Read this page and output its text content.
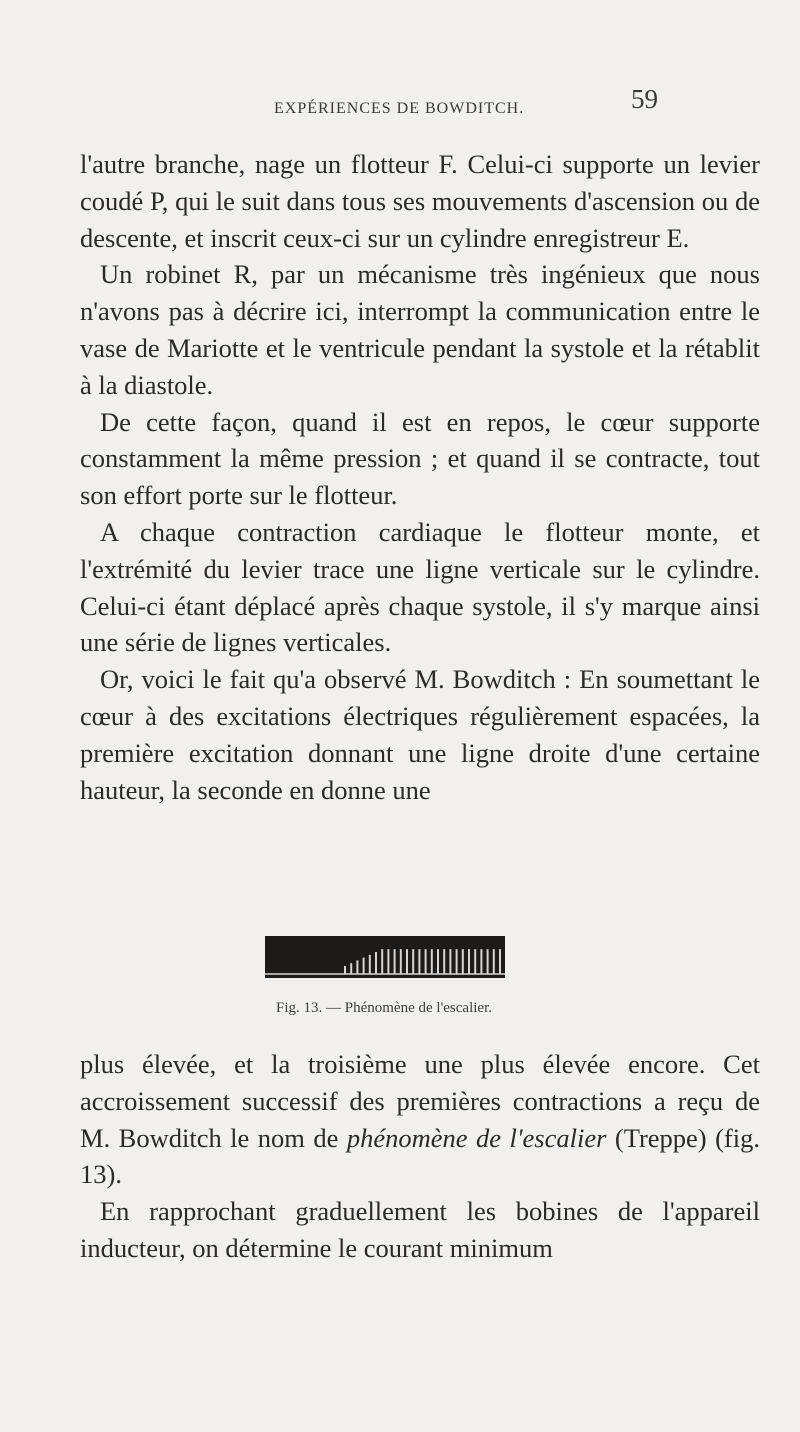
EXPÉRIENCES DE BOWDITCH.	59

l'autre branche, nage un flotteur F. Celui-ci supporte un levier coudé P, qui le suit dans tous ses mouvements d'ascension ou de descente, et inscrit ceux-ci sur un cylindre enregistreur E.

Un robinet R, par un mécanisme très ingénieux que nous n'avons pas à décrire ici, interrompt la communication entre le vase de Mariotte et le ventricule pendant la systole et la rétablit à la diastole.

De cette façon, quand il est en repos, le cœur supporte constamment la même pression ; et quand il se contracte, tout son effort porte sur le flotteur.

A chaque contraction cardiaque le flotteur monte, et l'extrémité du levier trace une ligne verticale sur le cylindre. Celui-ci étant déplacé après chaque systole, il s'y marque ainsi une série de lignes verticales.

Or, voici le fait qu'a observé M. Bowditch : En soumettant le cœur à des excitations électriques régulièrement espacées, la première excitation donnant une ligne droite d'une certaine hauteur, la seconde en donne une

Fig. 13. — Phénomène de l'escalier.

plus élevée, et la troisième une plus élevée encore. Cet accroissement successif des premières contractions a reçu de M. Bowditch le nom de phénomène de l'escalier (Treppe) (fig. 13).

En rapprochant graduellement les bobines de l'appareil inducteur, on détermine le courant minimum
